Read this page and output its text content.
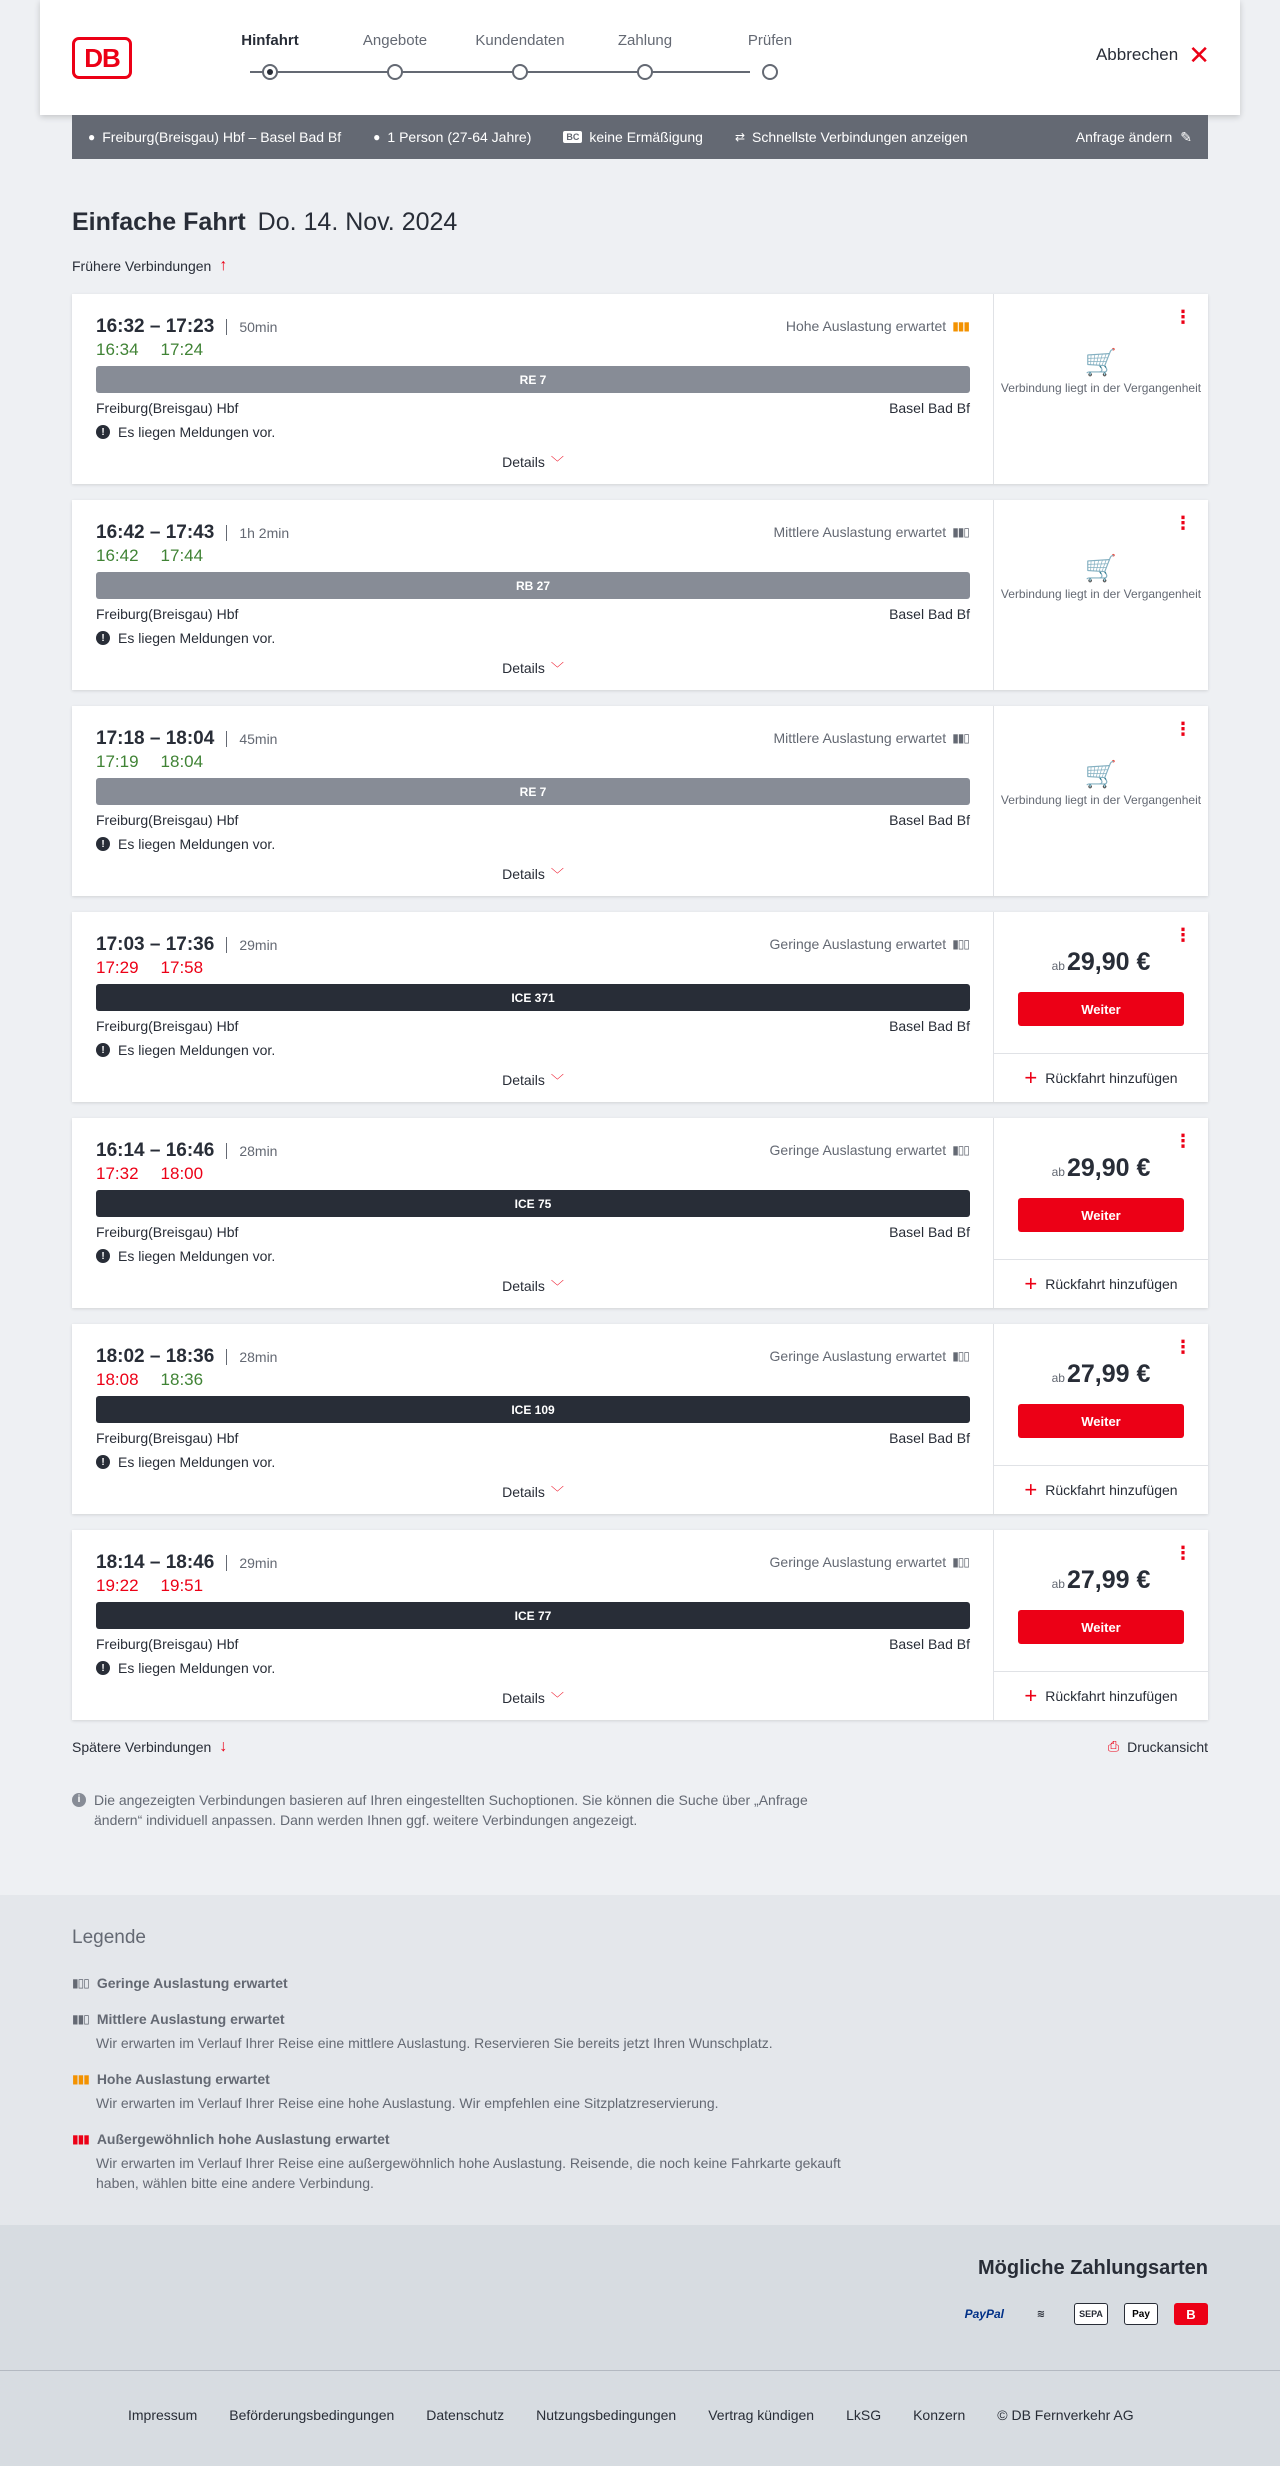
DB
Hinfahrt	Angebote	Kundendaten	Zahlung	Prüfen
Abbrechen ✕
● Freiburg(Breisgau) Hbf – Basel Bad Bf	● 1 Person (27-64 Jahre)	BC keine Ermäßigung	⇄ Schnellste Verbindungen anzeigen	Anfrage ändern ✎
Einfache Fahrt Do. 14. Nov. 2024
Frühere Verbindungen ↑
16:32 – 17:23 50min
16:34 17:24
Hohe Auslastung erwartet ▮▮▮
RE 7
Freiburg(Breisgau) Hbf	Basel Bad Bf
! Es liegen Meldungen vor.
Details ﹀
⋮
🛒
Verbindung liegt in der Vergangenheit
16:42 – 17:43 1h 2min
16:42 17:44
Mittlere Auslastung erwartet ▮▮▯
RB 27
Freiburg(Breisgau) Hbf	Basel Bad Bf
! Es liegen Meldungen vor.
Details ﹀
⋮
🛒
Verbindung liegt in der Vergangenheit
17:18 – 18:04 45min
17:19 18:04
Mittlere Auslastung erwartet ▮▮▯
RE 7
Freiburg(Breisgau) Hbf	Basel Bad Bf
! Es liegen Meldungen vor.
Details ﹀
⋮
🛒
Verbindung liegt in der Vergangenheit
17:03 – 17:36 29min
17:29 17:58
Geringe Auslastung erwartet ▮▯▯
ICE 371
Freiburg(Breisgau) Hbf	Basel Bad Bf
! Es liegen Meldungen vor.
Details ﹀
⋮
ab29,90 €
Weiter
+ Rückfahrt hinzufügen
16:14 – 16:46 28min
17:32 18:00
Geringe Auslastung erwartet ▮▯▯
ICE 75
Freiburg(Breisgau) Hbf	Basel Bad Bf
! Es liegen Meldungen vor.
Details ﹀
⋮
ab29,90 €
Weiter
+ Rückfahrt hinzufügen
18:02 – 18:36 28min
18:08 18:36
Geringe Auslastung erwartet ▮▯▯
ICE 109
Freiburg(Breisgau) Hbf	Basel Bad Bf
! Es liegen Meldungen vor.
Details ﹀
⋮
ab27,99 €
Weiter
+ Rückfahrt hinzufügen
18:14 – 18:46 29min
19:22 19:51
Geringe Auslastung erwartet ▮▯▯
ICE 77
Freiburg(Breisgau) Hbf	Basel Bad Bf
! Es liegen Meldungen vor.
Details ﹀
⋮
ab27,99 €
Weiter
+ Rückfahrt hinzufügen
Spätere Verbindungen ↓	⎙ Druckansicht
i Die angezeigten Verbindungen basieren auf Ihren eingestellten Suchoptionen. Sie können die Suche über „Anfrage ändern“ individuell anpassen. Dann werden Ihnen ggf. weitere Verbindungen angezeigt.
Legende
▮▯▯ Geringe Auslastung erwartet
▮▮▯ Mittlere Auslastung erwartet
Wir erwarten im Verlauf Ihrer Reise eine mittlere Auslastung. Reservieren Sie bereits jetzt Ihren Wunschplatz.
▮▮▮ Hohe Auslastung erwartet
Wir erwarten im Verlauf Ihrer Reise eine hohe Auslastung. Wir empfehlen eine Sitzplatzreservierung.
▮▮▮ Außergewöhnlich hohe Auslastung erwartet
Wir erwarten im Verlauf Ihrer Reise eine außergewöhnlich hohe Auslastung. Reisende, die noch keine Fahrkarte gekauft haben, wählen bitte eine andere Verbindung.
Mögliche Zahlungsarten
PayPal	≋	SEPA	Pay	B
Impressum Beförderungsbedingungen Datenschutz Nutzungsbedingungen Vertrag kündigen LkSG Konzern © DB Fernverkehr AG
